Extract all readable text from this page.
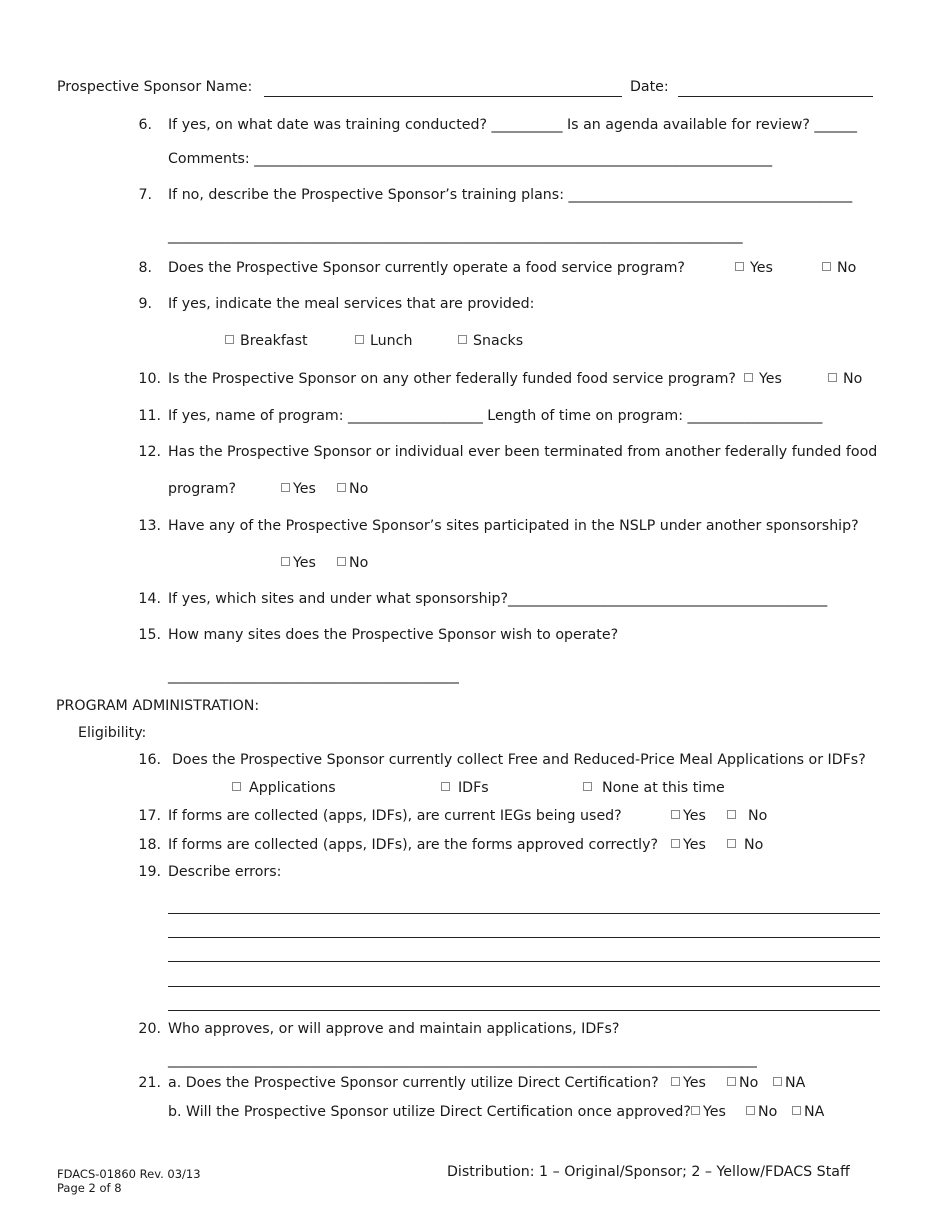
Prospective Sponsor Name:	Date:
6. If yes, on what date was training conducted? __________ Is an agenda available for review? ______
Comments: _________________________________________________________________________
7. If no, describe the Prospective Sponsor’s training plans: ________________________________________
_________________________________________________________________________________
8. Does the Prospective Sponsor currently operate a food service program?	Yes	No
9. If yes, indicate the meal services that are provided:
Breakfast	Lunch	Snacks
10. Is the Prospective Sponsor on any other federally funded food service program?	Yes	No
11. If yes, name of program: ___________________ Length of time on program: ___________________
12. Has the Prospective Sponsor or individual ever been terminated from another federally funded food
program?	Yes	No
13. Have any of the Prospective Sponsor’s sites participated in the NSLP under another sponsorship?
Yes	No
14. If yes, which sites and under what sponsorship?_____________________________________________
15. How many sites does the Prospective Sponsor wish to operate?
_________________________________________
PROGRAM ADMINISTRATION:
Eligibility:
16. Does the Prospective Sponsor currently collect Free and Reduced-Price Meal Applications or IDFs?
Applications	IDFs	None at this time
17. If forms are collected (apps, IDFs), are current IEGs being used?	Yes	No
18. If forms are collected (apps, IDFs), are the forms approved correctly?	Yes	No
19. Describe errors:
20. Who approves, or will approve and maintain applications, IDFs?
___________________________________________________________________________________
21. a. Does the Prospective Sponsor currently utilize Direct Certification?	Yes	No	NA
b. Will the Prospective Sponsor utilize Direct Certification once approved? Yes	No	NA
FDACS-01860 Rev. 03/13
Page 2 of 8
Distribution: 1 – Original/Sponsor; 2 – Yellow/FDACS Staff
